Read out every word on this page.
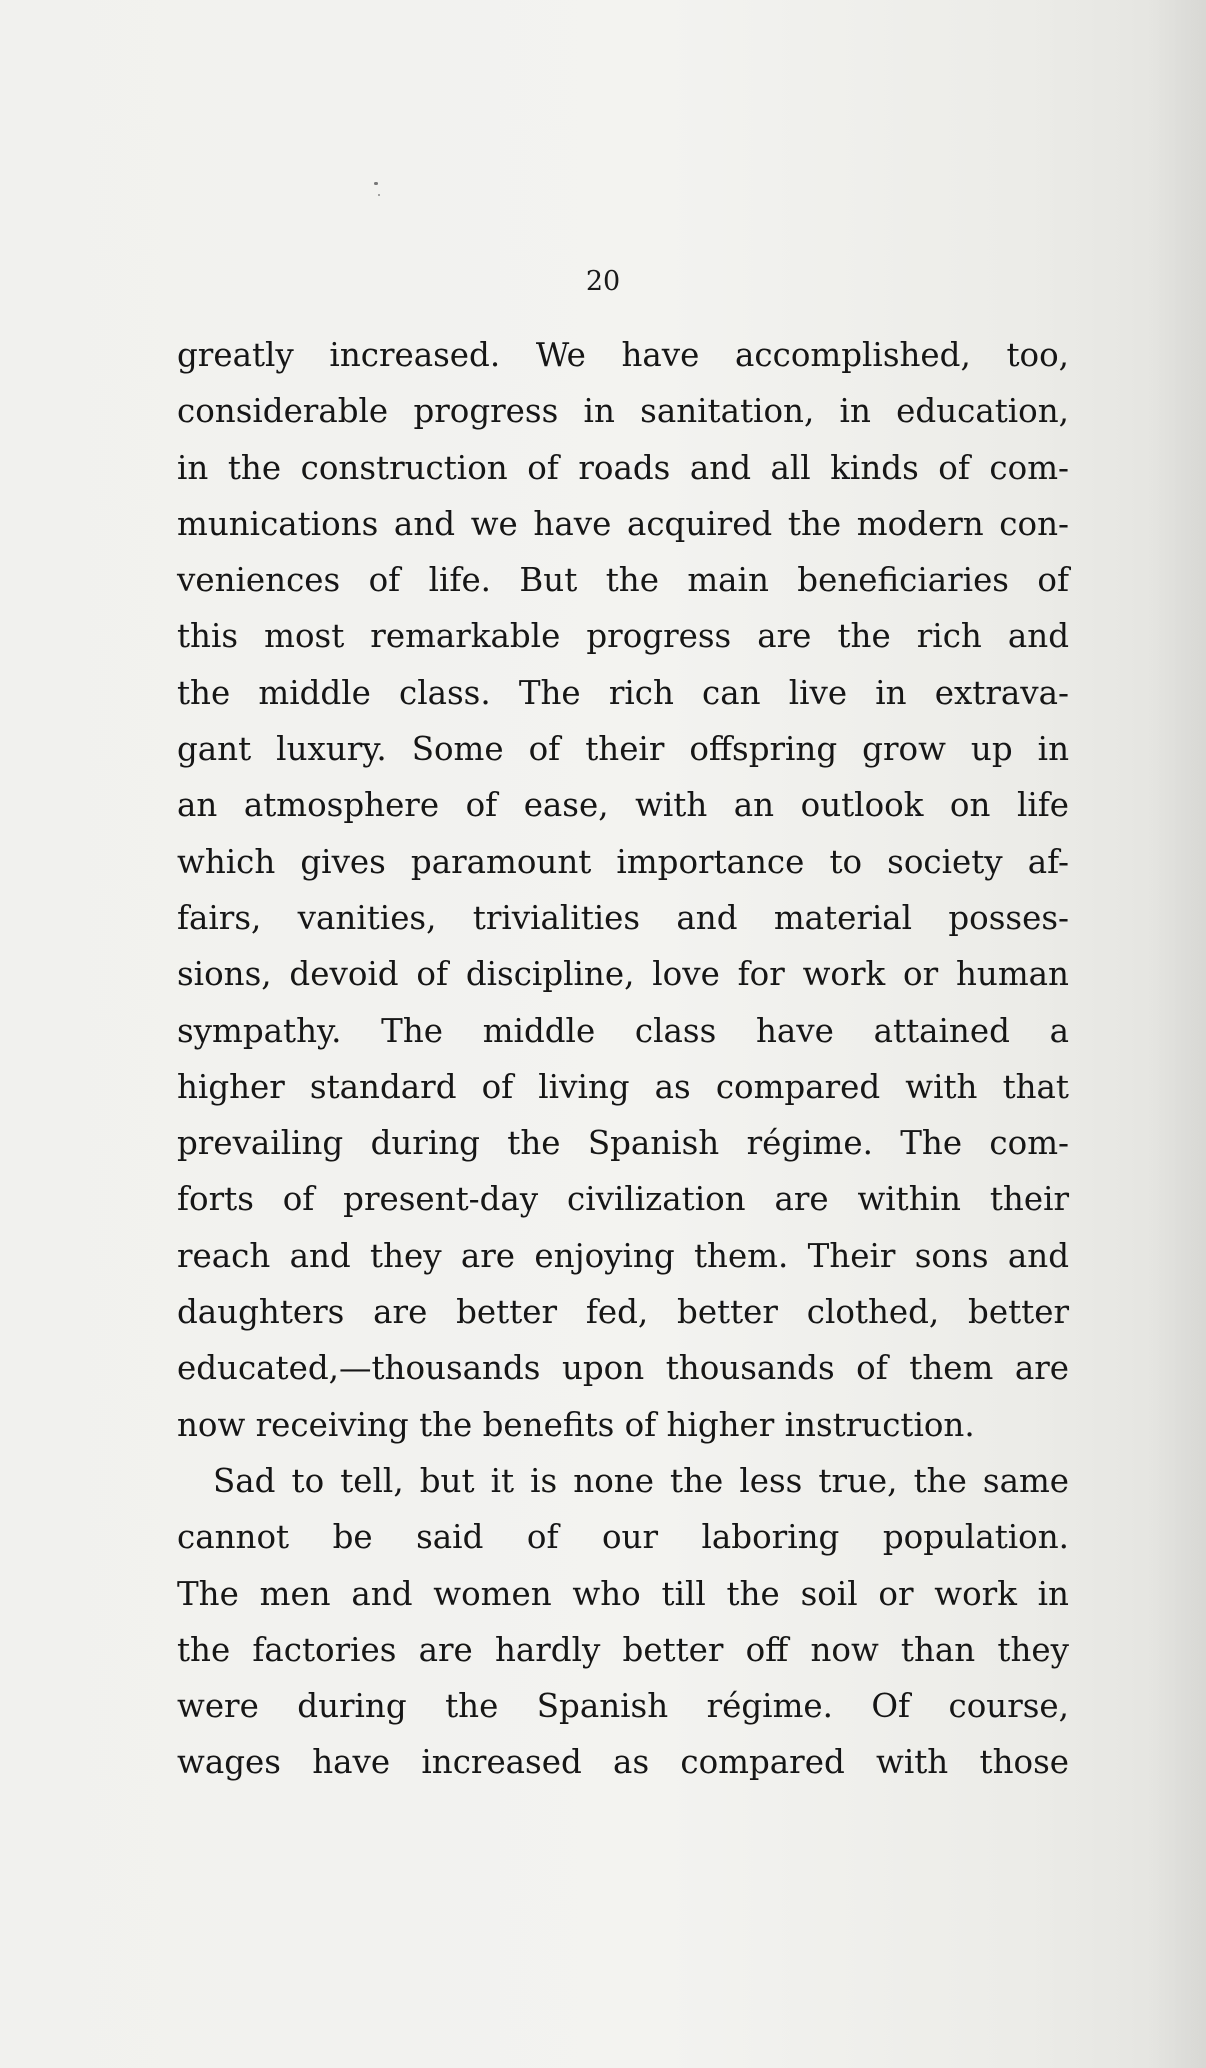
20

greatly increased. We have accomplished, too,
considerable progress in sanitation, in education,
in the construction of roads and all kinds of com-
munications and we have acquired the modern con-
veniences of life. But the main beneficiaries of
this most remarkable progress are the rich and
the middle class. The rich can live in extrava-
gant luxury. Some of their offspring grow up in
an atmosphere of ease, with an outlook on life
which gives paramount importance to society af-
fairs, vanities, trivialities and material posses-
sions, devoid of discipline, love for work or human
sympathy. The middle class have attained a
higher standard of living as compared with that
prevailing during the Spanish régime. The com-
forts of present-day civilization are within their
reach and they are enjoying them. Their sons and
daughters are better fed, better clothed, better
educated,—thousands upon thousands of them are
now receiving the benefits of higher instruction.
Sad to tell, but it is none the less true, the same
cannot be said of our laboring population.
The men and women who till the soil or work in
the factories are hardly better off now than they
were during the Spanish régime. Of course,
wages have increased as compared with those
